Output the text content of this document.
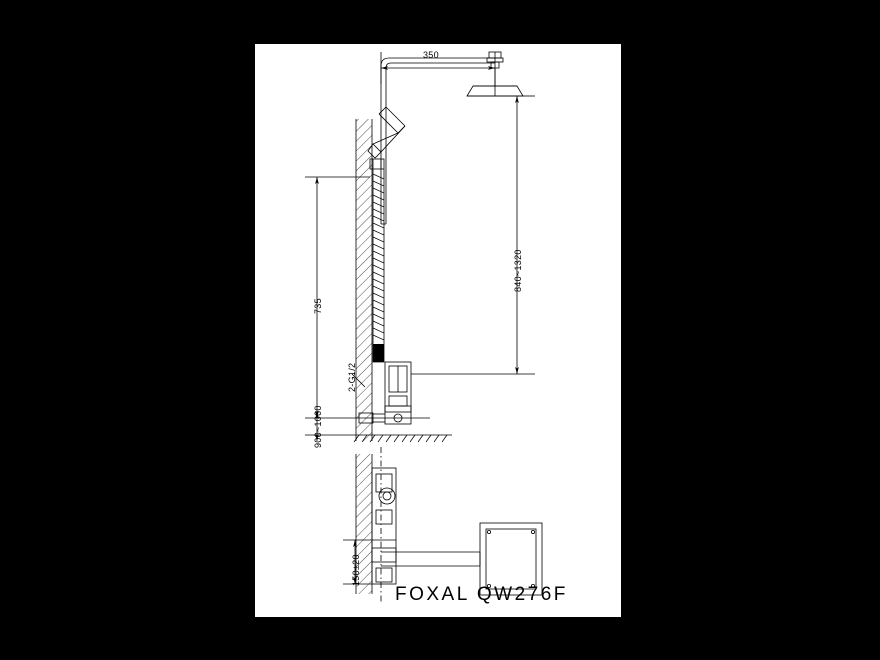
350
840~1320
735
2-G1/2
900~1000
150±20
FOXAL QW276F
